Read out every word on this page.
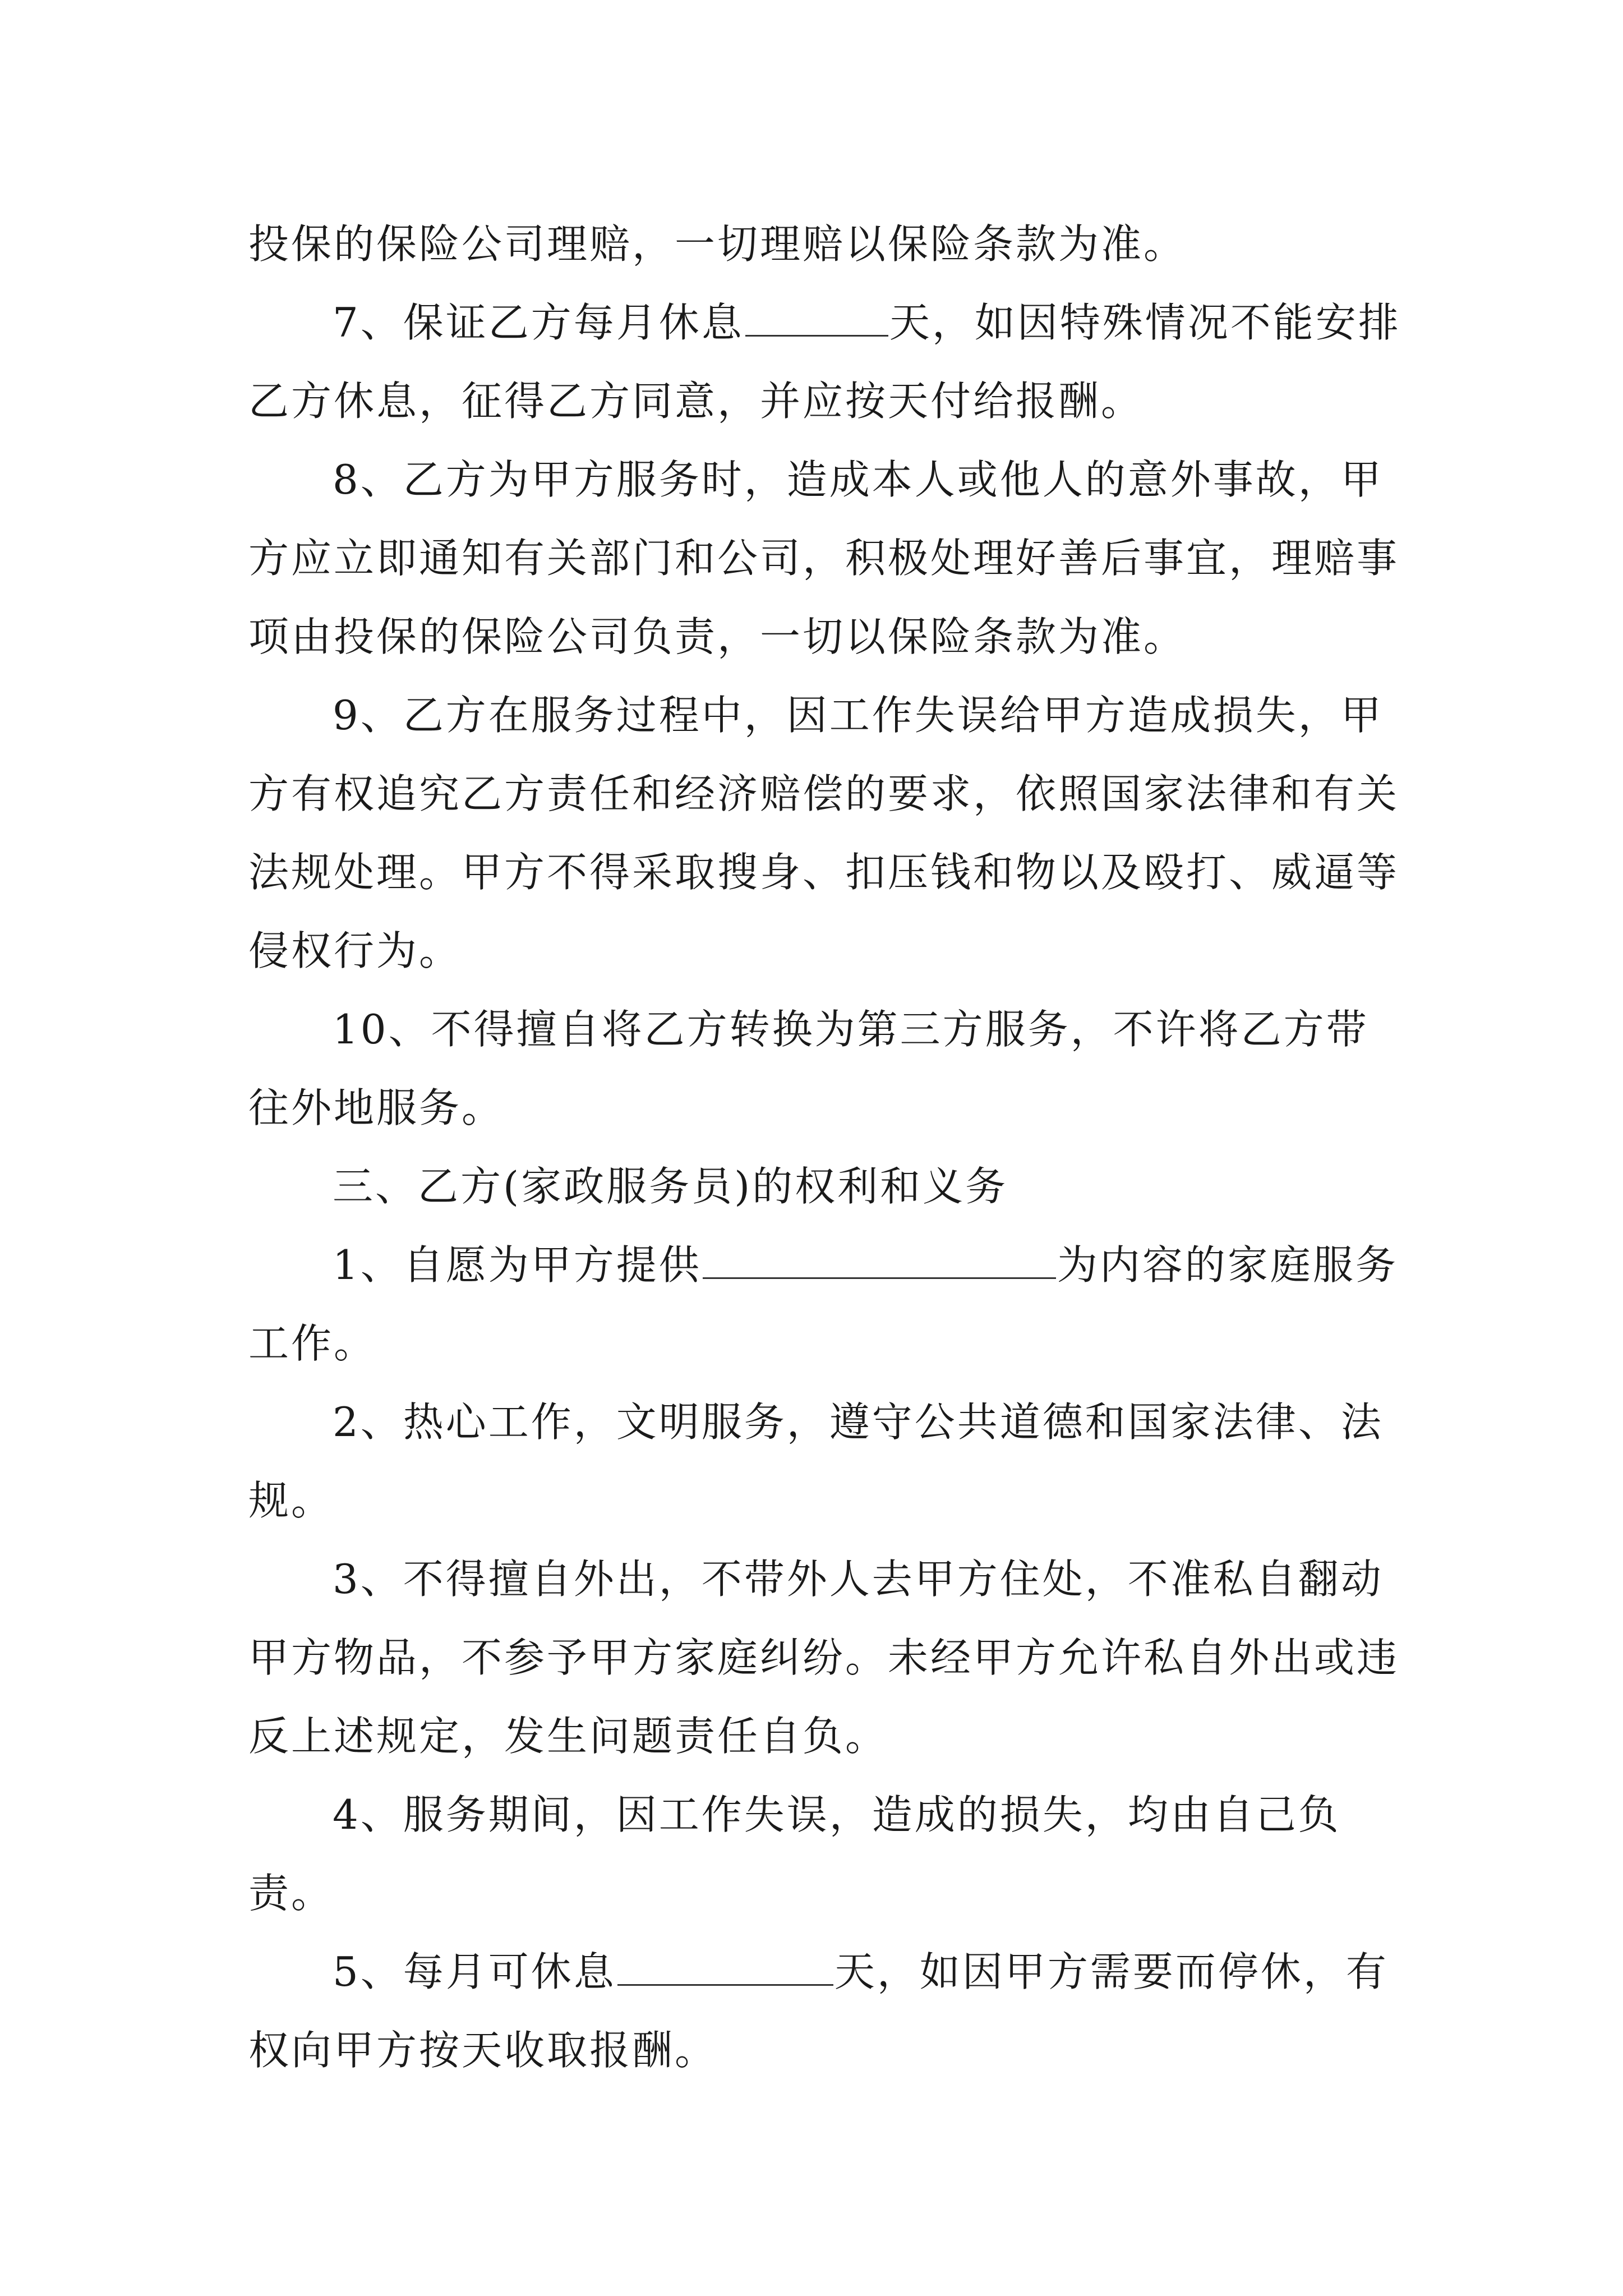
投保的保险公司理赔，一切理赔以保险条款为准。

7、保证乙方每月休息	天，如因特殊情况不能安排乙方休息，征得乙方同意，并应按天付给报酬。

8、乙方为甲方服务时，造成本人或他人的意外事故，甲方应立即通知有关部门和公司，积极处理好善后事宜，理赔事项由投保的保险公司负责，一切以保险条款为准。

9、乙方在服务过程中，因工作失误给甲方造成损失，甲方有权追究乙方责任和经济赔偿的要求，依照国家法律和有关法规处理。甲方不得采取搜身、扣压钱和物以及殴打、威逼等侵权行为。

10、不得擅自将乙方转换为第三方服务，不许将乙方带往外地服务。

三、乙方(家政服务员)的权利和义务

1、自愿为甲方提供	为内容的家庭服务工作。

2、热心工作，文明服务，遵守公共道德和国家法律、法规。

3、不得擅自外出，不带外人去甲方住处，不准私自翻动甲方物品，不参予甲方家庭纠纷。未经甲方允许私自外出或违反上述规定，发生问题责任自负。

4、服务期间，因工作失误，造成的损失，均由自己负责。

5、每月可休息	天，如因甲方需要而停休，有权向甲方按天收取报酬。
